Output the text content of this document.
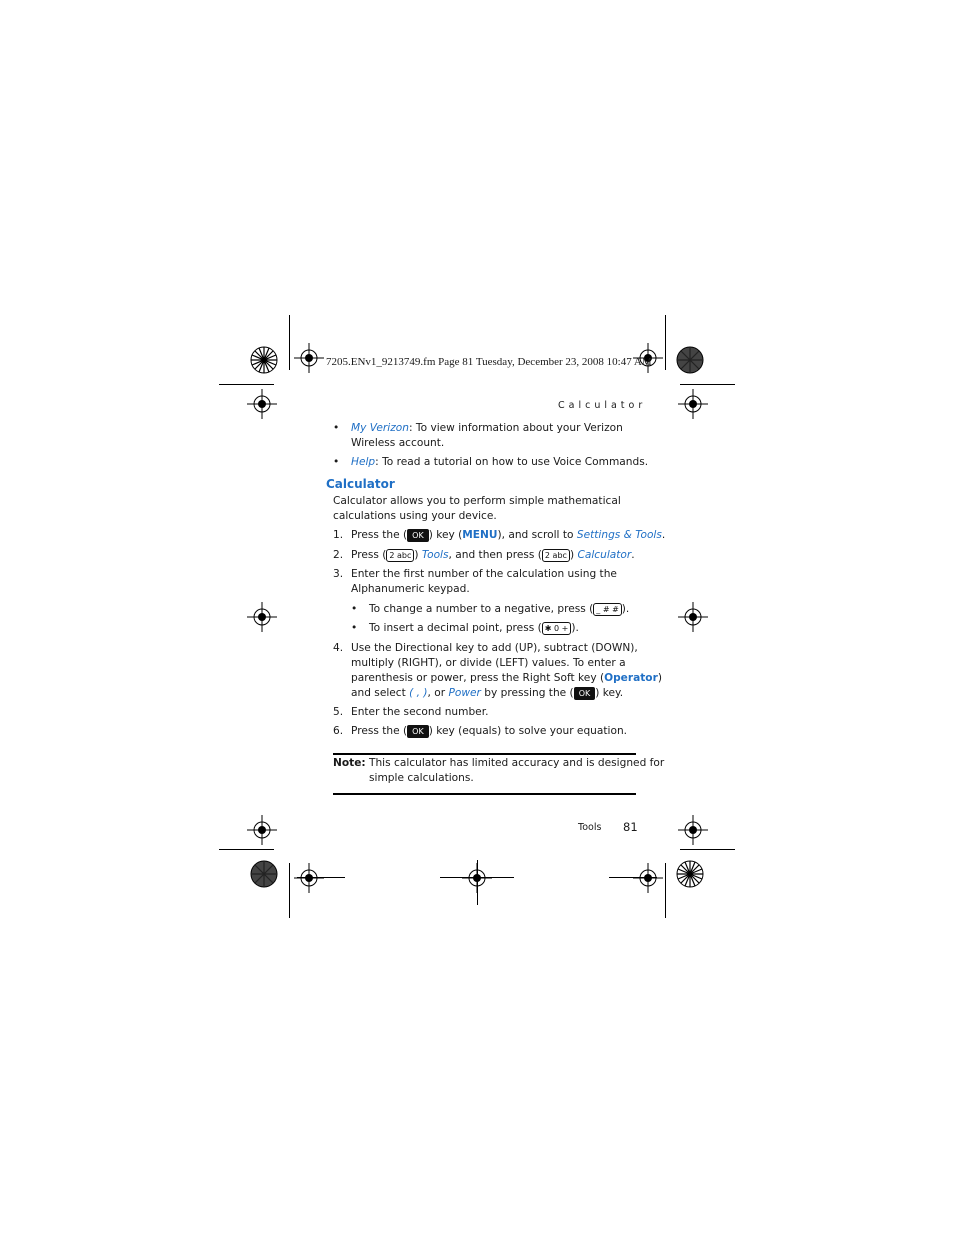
7205.ENv1_9213749.fm Page 81 Tuesday, December 23, 2008 10:47 AM
Calculator
• My Verizon: To view information about your Verizon
Wireless account.
• Help: To read a tutorial on how to use Voice Commands.
Calculator
Calculator allows you to perform simple mathematical
calculations using your device.
1. Press the ( OK ) key (MENU), and scroll to Settings & Tools.
2. Press ( 2 abc ) Tools, and then press ( 2 abc ) Calculator.
3. Enter the first number of the calculation using the
Alphanumeric keypad.
• To change a number to a negative, press ( _ # # ).
• To insert a decimal point, press ( ✱ 0 + ).
4. Use the Directional key to add (UP), subtract (DOWN),
multiply (RIGHT), or divide (LEFT) values. To enter a
parenthesis or power, press the Right Soft key (Operator)
and select ( , ), or Power by pressing the ( OK ) key.
5. Enter the second number.
6. Press the ( OK ) key (equals) to solve your equation.
Note: This calculator has limited accuracy and is designed for
simple calculations.
Tools 81
